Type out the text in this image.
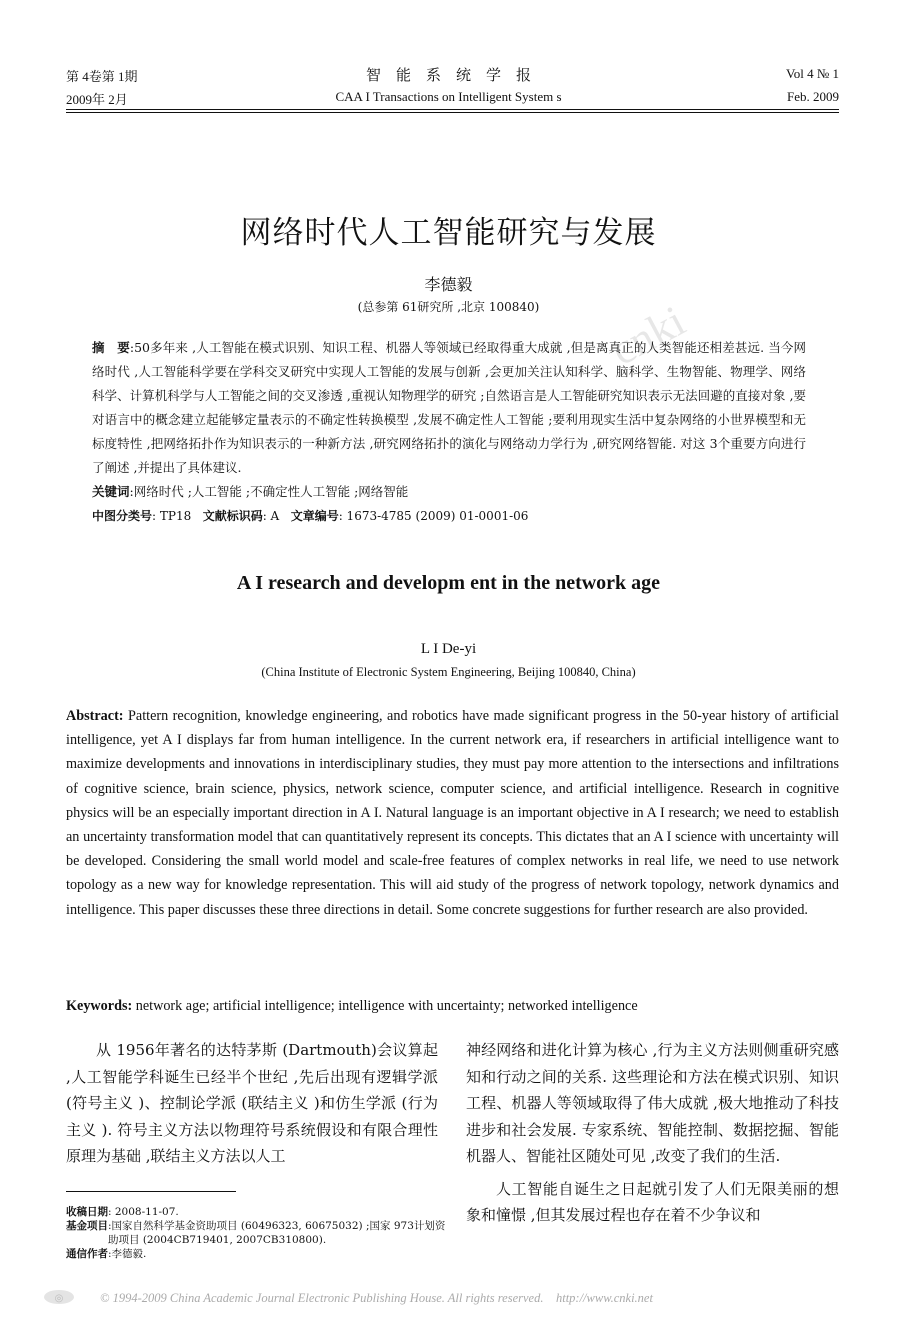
第 4卷第 1期
2009年 2月
智　能　系　统　学　报
CAA I Transactions on Intelligent System s
Vol 4 № 1
Feb. 2009
cnki
网络时代人工智能研究与发展
李德毅
(总参第 61研究所 ,北京 100840)
摘　要:50多年来 ,人工智能在模式识别、知识工程、机器人等领域已经取得重大成就 ,但是离真正的人类智能还相差甚远. 当今网络时代 ,人工智能科学要在学科交叉研究中实现人工智能的发展与创新 ,会更加关注认知科学、脑科学、生物智能、物理学、网络科学、计算机科学与人工智能之间的交叉渗透 ,重视认知物理学的研究 ;自然语言是人工智能研究知识表示无法回避的直接对象 ,要对语言中的概念建立起能够定量表示的不确定性转换模型 ,发展不确定性人工智能 ;要利用现实生活中复杂网络的小世界模型和无标度特性 ,把网络拓扑作为知识表示的一种新方法 ,研究网络拓扑的演化与网络动力学行为 ,研究网络智能. 对这 3个重要方向进行了阐述 ,并提出了具体建议.
关键词:网络时代 ;人工智能 ;不确定性人工智能 ;网络智能
中图分类号: TP18 文献标识码: A 文章编号: 1673-4785 (2009) 01-0001-06
A I research and developm ent in the network age
L I De-yi
(China Institute of Electronic System Engineering, Beijing 100840, China)
Abstract: Pattern recognition, knowledge engineering, and robotics have made significant progress in the 50-year history of artificial intelligence, yet A I displays far from human intelligence. In the current network era, if researchers in artificial intelligence want to maximize developments and innovations in interdisciplinary studies, they must pay more attention to the intersections and infiltrations of cognitive science, brain science, physics, network science, computer science, and artificial intelligence. Research in cognitive physics will be an especially important direction in A I. Natural language is an important objective in A I research; we need to establish an uncertainty transformation model that can quantitatively represent its concepts. This dictates that an A I science with uncertainty will be developed. Considering the small world model and scale-free features of complex networks in real life, we need to use network topology as a new way for knowledge representation. This will aid study of the progress of network topology, network dynamics and intelligence. This paper discusses these three directions in detail. Some concrete suggestions for further research are also provided.
Keywords: network age; artificial intelligence; intelligence with uncertainty; networked intelligence

从 1956年著名的达特茅斯 (Dartmouth)会议算起 ,人工智能学科诞生已经半个世纪 ,先后出现有逻辑学派 (符号主义 )、控制论学派 (联结主义 )和仿生学派 (行为主义 ). 符号主义方法以物理符号系统假设和有限合理性原理为基础 ,联结主义方法以人工

神经网络和进化计算为核心 ,行为主义方法则侧重研究感知和行动之间的关系. 这些理论和方法在模式识别、知识工程、机器人等领域取得了伟大成就 ,极大地推动了科技进步和社会发展. 专家系统、智能控制、数据挖掘、智能机器人、智能社区随处可见 ,改变了我们的生活.

人工智能自诞生之日起就引发了人们无限美丽的想象和憧憬 ,但其发展过程也存在着不少争议和

收稿日期 : 2008-11-07.
基金项目 :国家自然科学基金资助项目 (60496323, 60675032) ;国家 973计划资助项目 (2004CB719401, 2007CB310800).
通信作者 :李德毅.
◎	© 1994-2009 China Academic Journal Electronic Publishing House. All rights reserved.　http://www.cnki.net
